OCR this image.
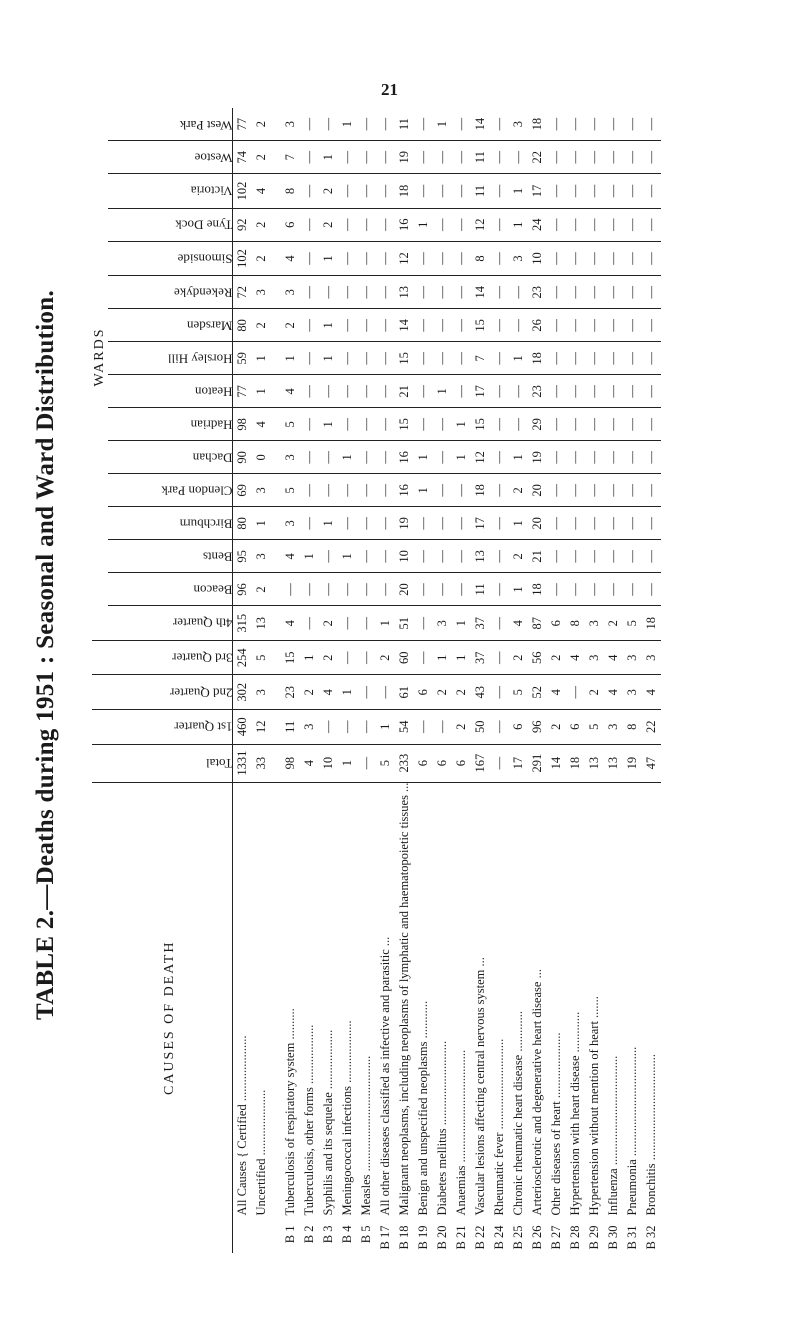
21
TABLE 2.—Deaths during 1951 : Seasonal and Ward Distribution.
							WARDS														
CAUSES OF DEATH		Total	1st Quarter	2nd Quarter	3rd Quarter	4th Quarter	Beacon	Bents	Birchburn	Clendon Park	Dachan	Hadrian	Heaton	Horsley Hill	Marsden	Rekendyke	Simonside	Tyne Dock	Victoria	Westoe	West Park
	All Causes { Certified .....................	1331	460	302	254	315	96	95	80	69	90	98	77	59	80	72	102	92	102	74	77
	Uncertified .....................	33	12	3	5	13	2	3	1	3	0	4	1	1	2	3	2	2	4	2	2

B 1	Tuberculosis of respiratory system ..........	98	11	23	15	4	—	4	3	5	3	5	4	1	2	3	4	6	8	7	3
B 2	Tuberculosis, other forms ...................	4	3	2	1	—	—	1	—	—	—	—	—	—	—	—	—	—	—	—	—
B 3	Syphilis and its sequelae ...................	10	—	4	2	2	—	—	1	—	—	1	—	1	1	—	1	2	2	1	—
B 4	Meningococcal infections ....................	1	—	1	—	—	—	1	—	—	1	—	—	—	—	—	—	—	—	—	1
B 5	Measles .....................................	—	—	—	—	—	—	—	—	—	—	—	—	—	—	—	—	—	—	—	—
B 17	All other diseases classified as infective and parasitic ...	5	1	—	2	1	—	—	—	—	—	—	—	—	—	—	—	—	—	—	—
B 18	Malignant neoplasms, including neoplasms of lymphatic and haematopoietic tissues ...	233	54	61	60	51	20	10	19	16	16	15	21	15	14	13	12	16	18	19	11
B 19	Benign and unspecified neoplasms ............	6	—	6	—	—	—	—	—	1	1	—	—	—	—	—	—	1	—	—	—
B 20	Diabetes mellitus ...........................	6	—	2	1	3	—	—	—	—	—	—	1	—	—	—	—	—	—	—	1
B 21	Anaemias ....................................	6	2	2	1	1	—	—	—	—	1	1	—	—	—	—	—	—	—	—	—
B 22	Vascular lesions affecting central nervous system ...	167	50	43	37	37	11	13	17	18	12	15	17	7	15	14	8	12	11	11	14
B 24	Rheumatic fever .............................	—	—	—	—	—	—	—	—	—	—	—	—	—	—	—	—	—	—	—	—
B 25	Chronic rheumatic heart disease .............	17	6	5	2	4	1	2	1	2	1	—	—	1	—	—	3	1	1	—	3
B 26	Arteriosclerotic and degenerative heart disease ...	291	96	52	56	87	18	21	20	20	19	29	23	18	26	23	10	24	17	22	18
B 27	Other diseases of heart .....................	14	2	4	2	6	—	—	—	—	—	—	—	—	—	—	—	—	—	—	—
B 28	Hypertension with heart disease .............	18	6	—	4	8	—	—	—	—	—	—	—	—	—	—	—	—	—	—	—
B 29	Hypertension without mention of heart .......	13	5	2	3	3	—	—	—	—	—	—	—	—	—	—	—	—	—	—	—
B 30	Influenza ...................................	13	3	4	4	2	—	—	—	—	—	—	—	—	—	—	—	—	—	—	—
B 31	Pneumonia ...................................	19	8	3	3	5	—	—	—	—	—	—	—	—	—	—	—	—	—	—	—
B 32	Bronchitis ..................................	47	22	4	3	18	—	—	—	—	—	—	—	—	—	—	—	—	—	—	—
